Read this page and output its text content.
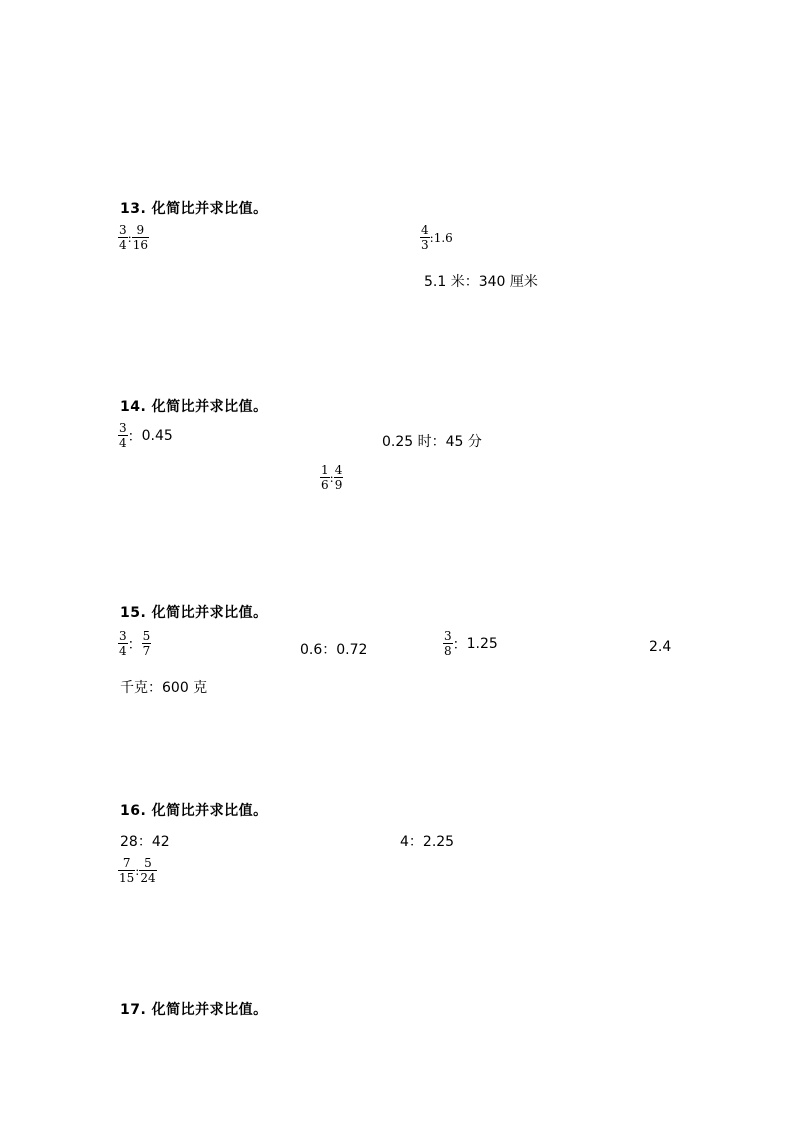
13. 化简比并求比值。
$\frac{3}{4}$ : $\frac{9}{16}$	$\frac{4}{3}$ :1.6
5.1 米：340 厘米
14. 化简比并求比值。
$\frac{3}{4}$ ：0.45	0.25 时：45 分
$\frac{1}{6}$ : $\frac{4}{9}$
15. 化简比并求比值。
$\frac{3}{4}$ ： $\frac{5}{7}$	0.6：0.72	$\frac{3}{8}$ ：1.25	2.4
千克：600 克
16. 化简比并求比值。
28：42	4：2.25
$\frac{7}{15}$ : $\frac{5}{24}$
17. 化简比并求比值。
